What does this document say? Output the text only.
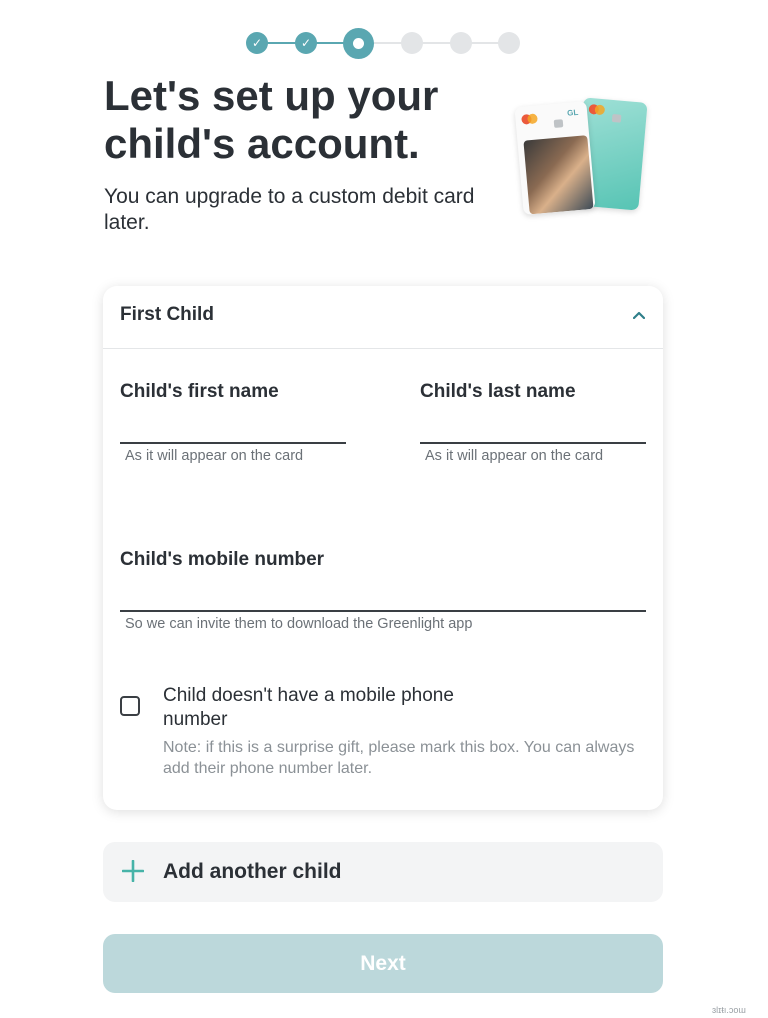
✓	✓
Let's set up your child's account.

You can upgrade to a custom debit card later.

GL
First Child
Child's first name
As it will appear on the card
Child's last name
As it will appear on the card
Child's mobile number
So we can invite them to download the Greenlight app
Child doesn't have a mobile phone number
Note: if this is a surprise gift, please mark this box. You can always add their phone number later.
Add another child
Next
ɜlɪŧı.ɔoɯ
